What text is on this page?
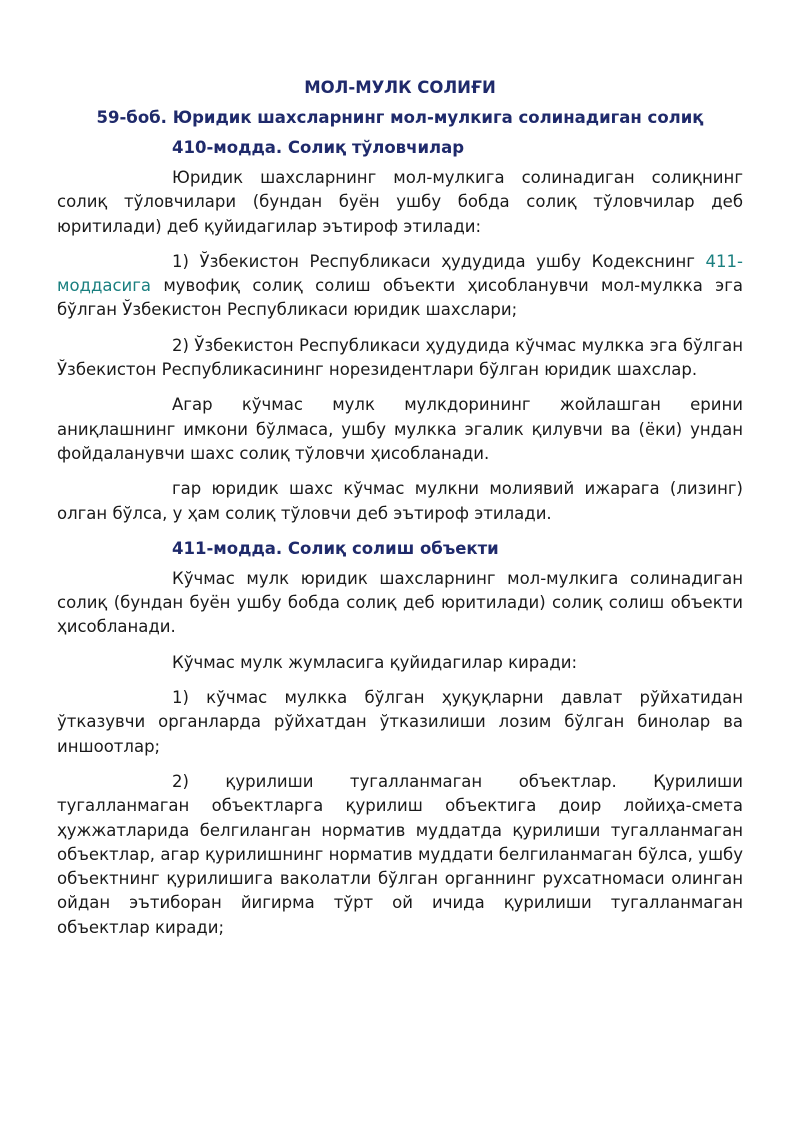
МОЛ-МУЛК СОЛИҒИ
59-боб. Юридик шахсларнинг мол-мулкига солинадиган солиқ
410-модда. Солиқ тўловчилар

Юридик шахсларнинг мол-мулкига солинадиган солиқнинг солиқ тўловчилари (бундан буён ушбу бобда солиқ тўловчилар деб юритилади) деб қуйидагилар эътироф этилади:

1) Ўзбекистон Республикаси ҳудудида ушбу Кодекснинг 411-моддасига мувофиқ солиқ солиш объекти ҳисобланувчи мол-мулкка эга бўлган Ўзбекистон Республикаси юридик шахслари;

2) Ўзбекистон Республикаси ҳудудида кўчмас мулкка эга бўлган Ўзбекистон Республикасининг норезидентлари бўлган юридик шахслар.

Агар кўчмас мулк мулкдорининг жойлашган ерини аниқлашнинг имкони бўлмаса, ушбу мулкка эгалик қилувчи ва (ёки) ундан фойдаланувчи шахс солиқ тўловчи ҳисобланади.

гар юридик шахс кўчмас мулкни молиявий ижарага (лизинг) олган бўлса, у ҳам солиқ тўловчи деб эътироф этилади.

411-модда. Солиқ солиш объекти

Кўчмас мулк юридик шахсларнинг мол-мулкига солинадиган солиқ (бундан буён ушбу бобда солиқ деб юритилади) солиқ солиш объекти ҳисобланади.

Кўчмас мулк жумласига қуйидагилар киради:

1) кўчмас мулкка бўлган ҳуқуқларни давлат рўйхатидан ўтказувчи органларда рўйхатдан ўтказилиши лозим бўлган бинолар ва иншоотлар;

2) қурилиши тугалланмаган объектлар. Қурилиши тугалланмаган объектларга қурилиш объектига доир лойиҳа-смета ҳужжатларида белгиланган норматив муддатда қурилиши тугалланмаган объектлар, агар қурилишнинг норматив муддати белгиланмаган бўлса, ушбу объектнинг қурилишига ваколатли бўлган органнинг рухсатномаси олинган ойдан эътиборан йигирма тўрт ой ичида қурилиши тугалланмаган объектлар киради;
